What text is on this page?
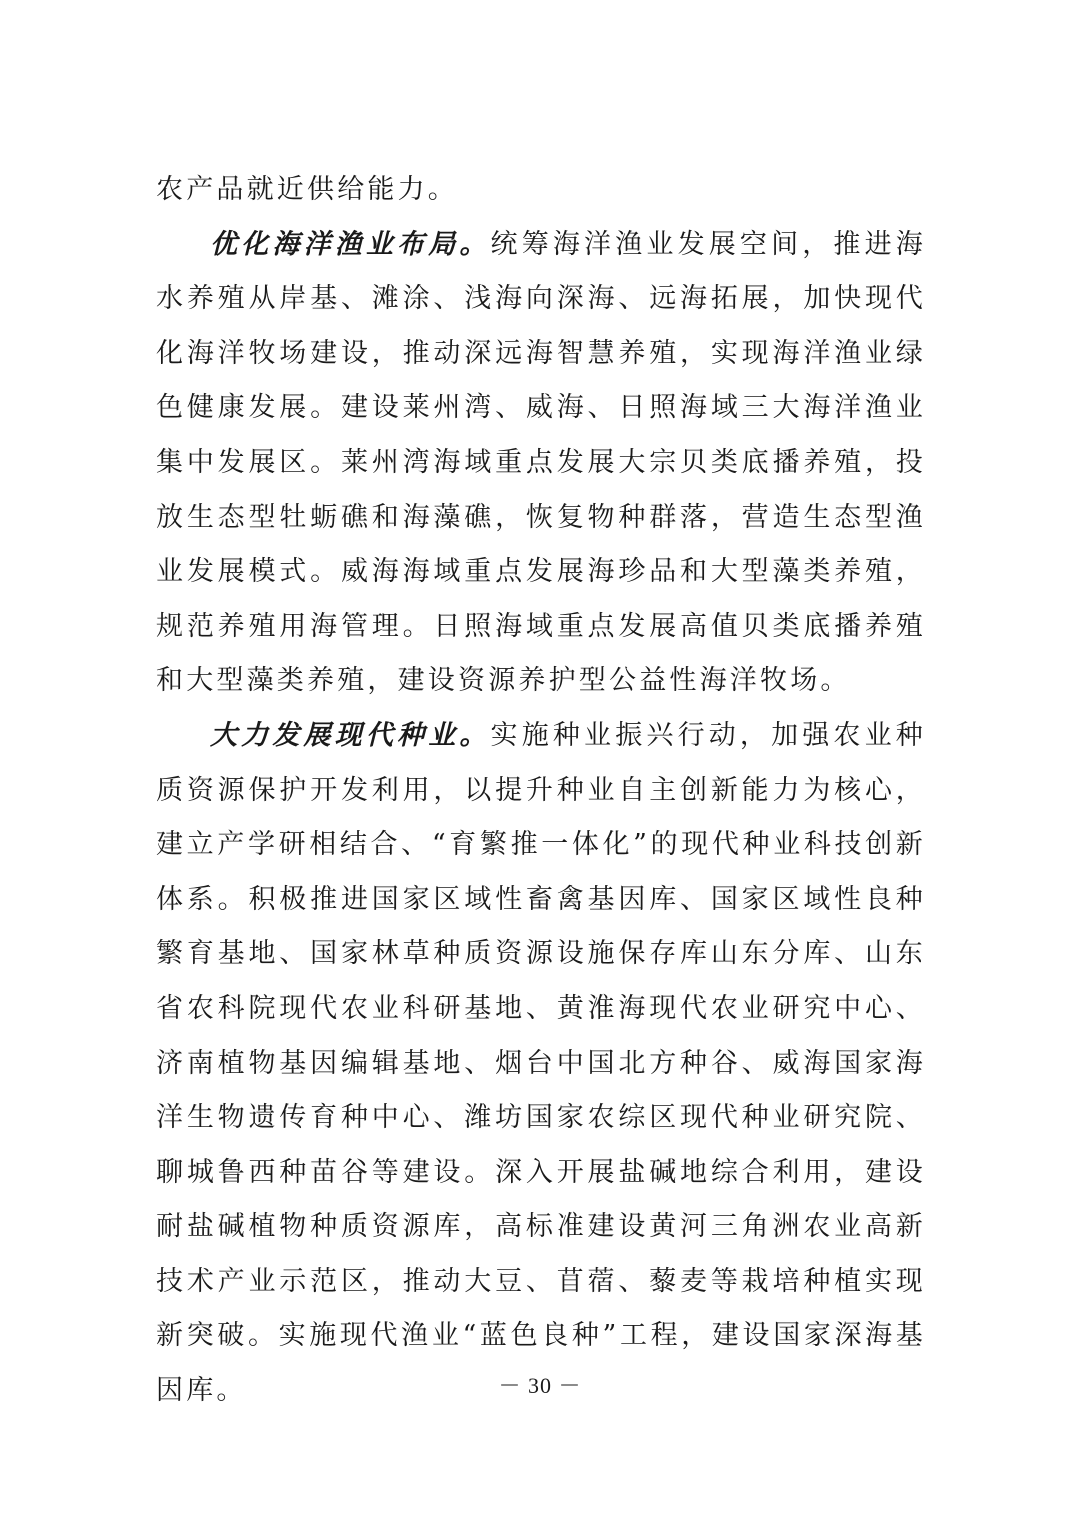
农产品就近供给能力。

优化海洋渔业布局。统筹海洋渔业发展空间，推进海水养殖从岸基、滩涂、浅海向深海、远海拓展，加快现代化海洋牧场建设，推动深远海智慧养殖，实现海洋渔业绿色健康发展。建设莱州湾、威海、日照海域三大海洋渔业集中发展区。莱州湾海域重点发展大宗贝类底播养殖，投放生态型牡蛎礁和海藻礁，恢复物种群落，营造生态型渔业发展模式。威海海域重点发展海珍品和大型藻类养殖，规范养殖用海管理。日照海域重点发展高值贝类底播养殖和大型藻类养殖，建设资源养护型公益性海洋牧场。

大力发展现代种业。实施种业振兴行动，加强农业种质资源保护开发利用，以提升种业自主创新能力为核心，建立产学研相结合、“育繁推一体化”的现代种业科技创新体系。积极推进国家区域性畜禽基因库、国家区域性良种繁育基地、国家林草种质资源设施保存库山东分库、山东省农科院现代农业科研基地、黄淮海现代农业研究中心、济南植物基因编辑基地、烟台中国北方种谷、威海国家海洋生物遗传育种中心、潍坊国家农综区现代种业研究院、聊城鲁西种苗谷等建设。深入开展盐碱地综合利用，建设耐盐碱植物种质资源库，高标准建设黄河三角洲农业高新技术产业示范区，推动大豆、苜蓿、藜麦等栽培种植实现新突破。实施现代渔业“蓝色良种”工程，建设国家深海基因库。	－ 30 －
